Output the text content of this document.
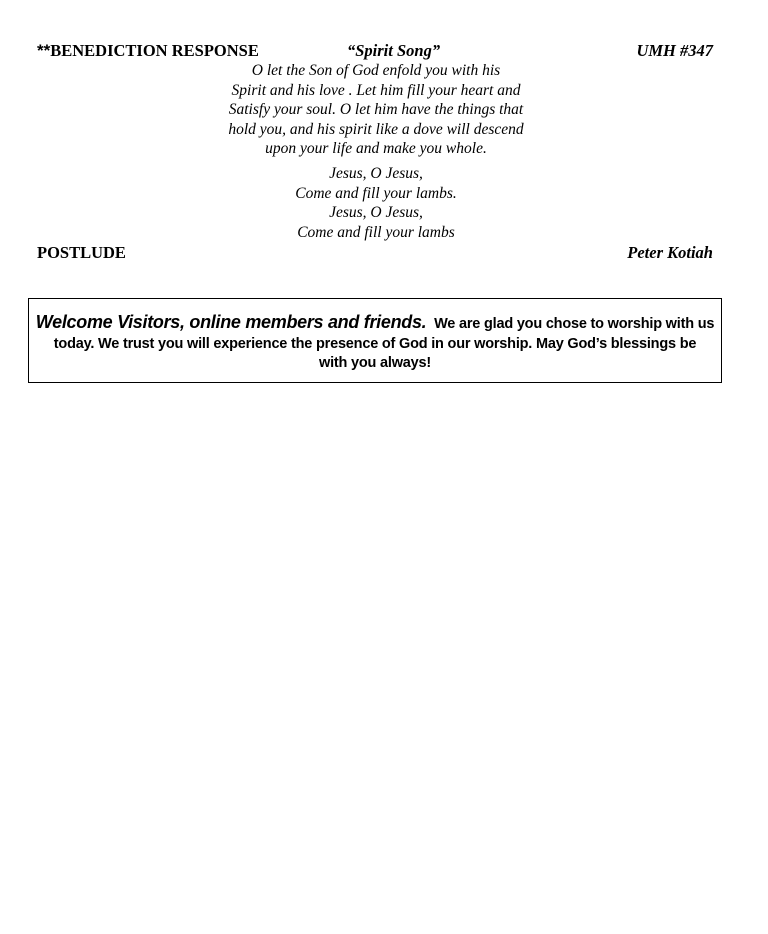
**BENEDICTION RESPONSE	“Spirit Song”	UMH #347
O let the Son of God enfold you with his
Spirit and his love . Let him fill your heart and
Satisfy your soul. O let him have the things that
hold you, and his spirit like a dove will descend
upon your life and make you whole.
Jesus, O Jesus,
Come and fill your lambs.
Jesus, O Jesus,
Come and fill your lambs
POSTLUDE	Peter Kotiah
Welcome Visitors, online members and friends. We are glad you chose to worship with us
today. We trust you will experience the presence of God in our worship. May God’s blessings be
with you always!
